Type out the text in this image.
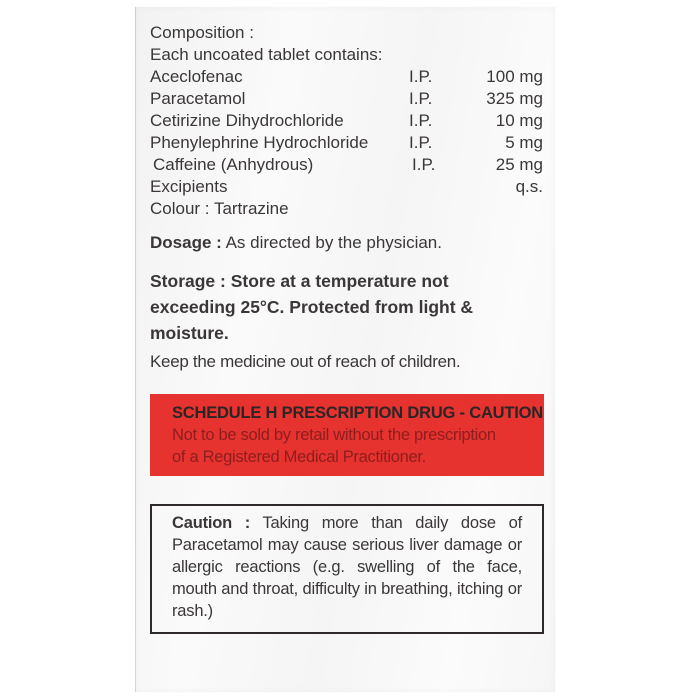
Composition :
Each uncoated tablet contains:
Aceclofenac	I.P.	100 mg
Paracetamol	I.P.	325 mg
Cetirizine Dihydrochloride	I.P.	10 mg
Phenylephrine Hydrochloride	I.P.	5 mg
Caffeine (Anhydrous)	I.P.	25 mg
Excipients	q.s.
Colour : Tartrazine
Dosage : As directed by the physician.
Storage : Store at a temperature not exceeding 25°C. Protected from light & moisture.
Keep the medicine out of reach of children.
SCHEDULE H PRESCRIPTION DRUG - CAUTION
Not to be sold by retail without the prescription
of a Registered Medical Practitioner.

Caution : Taking more than daily dose of Paracetamol may cause serious liver damage or allergic reactions (e.g. swelling of the face, mouth and throat, difficulty in breathing, itching or rash.)
